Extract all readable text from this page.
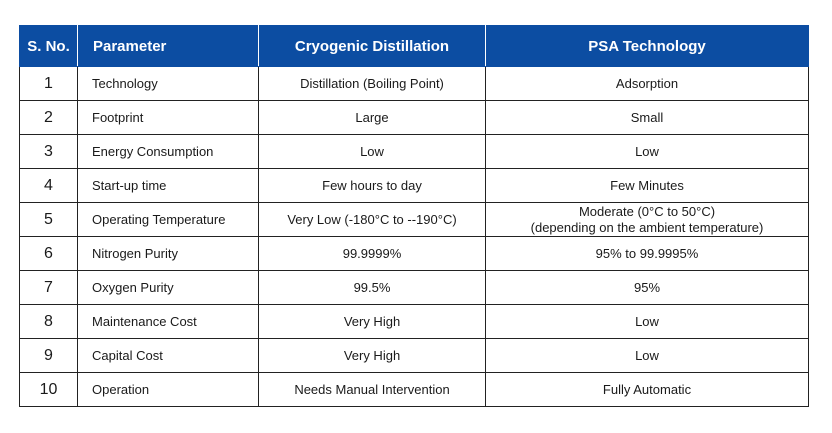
S. No.	Parameter	Cryogenic Distillation	PSA Technology
1	Technology	Distillation (Boiling Point)	Adsorption

2	Footprint	Large	Small

3	Energy Consumption	Low	Low

4	Start-up time	Few hours to day	Few Minutes

5	Operating Temperature	Very Low (-180°C to --190°C)	Moderate (0°C to 50°C)
(depending on the ambient temperature)

6	Nitrogen Purity	99.9999%	95% to 99.9995%

7	Oxygen Purity	99.5%	95%

8	Maintenance Cost	Very High	Low

9	Capital Cost	Very High	Low

10	Operation	Needs Manual Intervention	Fully Automatic
